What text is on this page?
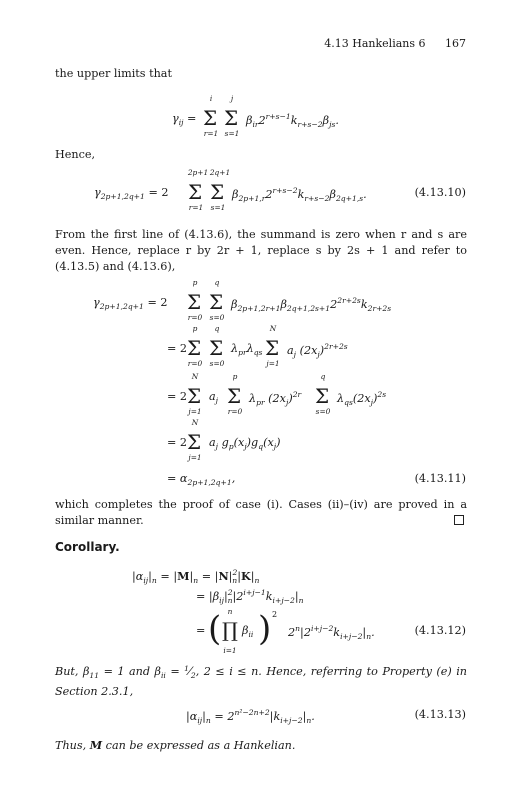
4.13 Hankelians 6 167
the upper limits that
$\gamma_{ij} = \Sigma$
i
r=1
Σ
j
s=1
$\beta_{ir}2^{r+s-1}k_{r+s-2}\beta_{js}$.
Hence,
$\gamma_{2p+1,2q+1} = 2$ Σ
2p+1
r=1
Σ
2q+1
s=1
$\beta_{2p+1,r}2^{r+s-2}k_{r+s-2}\beta_{2q+1,s}$.	(4.13.10)
From the first line of (4.13.6), the summand is zero when r and s are even. Hence, replace r by 2r + 1, replace s by 2s + 1 and refer to (4.13.5) and (4.13.6),
$\gamma_{2p+1,2q+1} = 2$ Σ
p
r=0
Σ
q
s=0
$\beta_{2p+1,2r+1}\beta_{2q+1,2s+1}2^{2r+2s}k_{2r+2s}$
= 2 Σ
p
r=0
Σ
q
s=0
$\lambda_{pr}\lambda_{qs}$ Σ
N
j=1
$a_j$ $(2x_j)^{2r+2s}$
= 2 Σ
N
j=1
$a_j$ Σ
p
r=0
$\lambda_{pr}$ $(2x_j)^{2r}$ Σ
q
s=0
$\lambda_{qs}(2x_j)^{2s}$
= 2 Σ
N
j=1
$a_j$ $g_p(x_j)g_q(x_j)$
= $\alpha_{2p+1,2q+1}$,	(4.13.11)
which completes the proof of case (i). Cases (ii)–(iv) are proved in a similar manner.
Corollary.
$|\alpha_{ij}|_n = |M|_n = |N|^2_n|K|_n$
= $|\beta_{ij}|^2_n|2^{i+j-1}k_{i+j-2}|_n$
= ( ∏
n
i=1
$\beta_{ii}$ ) 2
$2^n|2^{i+j-2}k_{i+j-2}|_n$.	(4.13.12)
But, $\beta_{11} = 1$ and $\beta_{ii}$ = $^1⁄_2$, 2 ≤ i ≤ n. Hence, referring to Property (e) in Section 2.3.1,
$|\alpha_{ij}|_n = 2^{n^2-2n+2}|k_{i+j-2}|_n$.	(4.13.13)
Thus, M can be expressed as a Hankelian.
